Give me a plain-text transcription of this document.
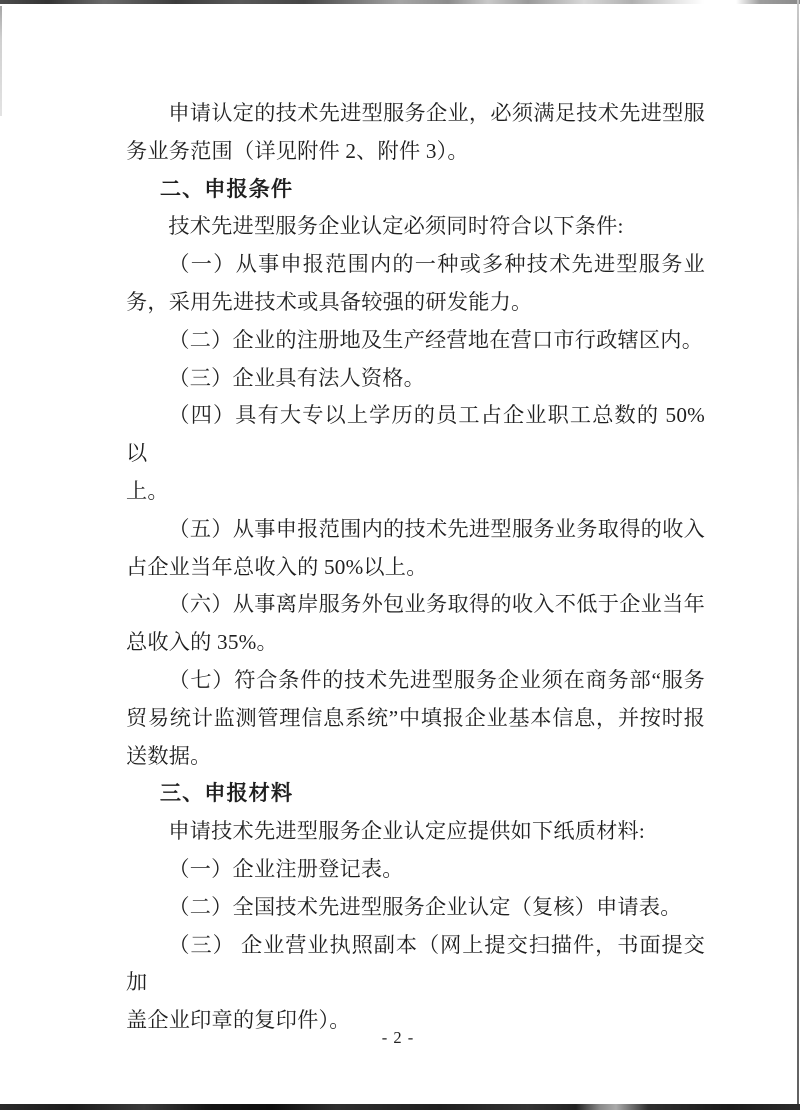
申请认定的技术先进型服务企业，必须满足技术先进型服
务业务范围（详见附件 2、附件 3）。
二、申报条件
技术先进型服务企业认定必须同时符合以下条件:
（一）从事申报范围内的一种或多种技术先进型服务业
务，采用先进技术或具备较强的研发能力。
（二）企业的注册地及生产经营地在营口市行政辖区内。
（三）企业具有法人资格。
（四）具有大专以上学历的员工占企业职工总数的 50%以
上。
（五）从事申报范围内的技术先进型服务业务取得的收入
占企业当年总收入的 50%以上。
（六）从事离岸服务外包业务取得的收入不低于企业当年
总收入的 35%。
（七）符合条件的技术先进型服务企业须在商务部“服务
贸易统计监测管理信息系统”中填报企业基本信息，并按时报
送数据。
三、申报材料
申请技术先进型服务企业认定应提供如下纸质材料:
（一）企业注册登记表。
（二）全国技术先进型服务企业认定（复核）申请表。
（三） 企业营业执照副本（网上提交扫描件，书面提交加
盖企业印章的复印件）。
- 2 -
